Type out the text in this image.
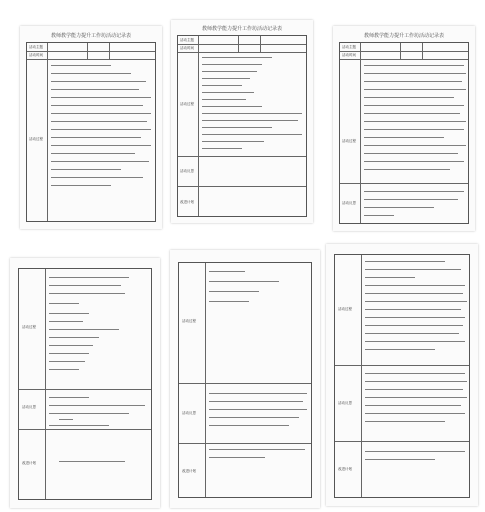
教师教学能力提升工作坊活动记录表
活动主题
活动时间
活动过程
教师教学能力提升工作坊活动记录表
活动主题
活动时间
活动过程
活动反思
改进计划
教师教学能力提升工作坊活动记录表
活动主题
活动时间
活动过程
活动反思
活动过程
活动反思
改进计划
活动过程
活动反思
改进计划
活动过程
活动反思
改进计划
